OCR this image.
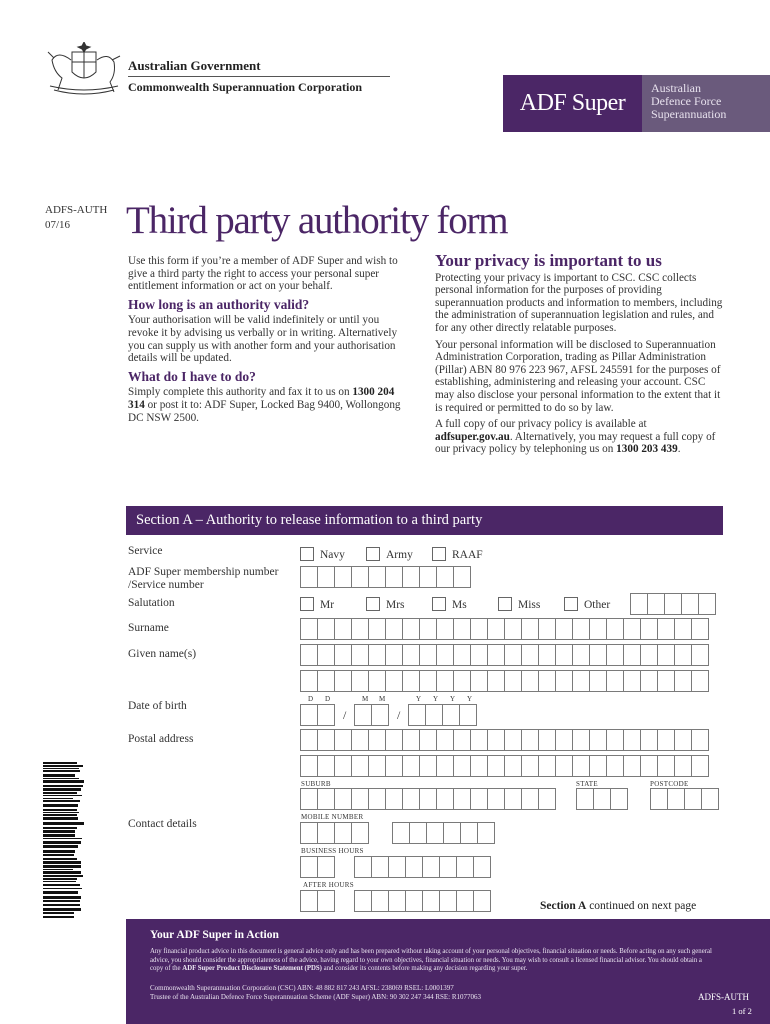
Australian Government
Commonwealth Superannuation Corporation
ADF Super
Australian
Defence Force
Superannuation
ADFS-AUTH
07/16	Third party authority form

Use this form if you’re a member of ADF Super and wish to give a third party the right to access your personal super entitlement information or act on your behalf.

How long is an authority valid?

Your authorisation will be valid indefinitely or until you revoke it by advising us verbally or in writing. Alternatively you can supply us with another form and your authorisation details will be updated.

What do I have to do?

Simply complete this authority and fax it to us on 1300 204 314 or post it to: ADF Super, Locked Bag 9400, Wollongong DC NSW 2500.

Your privacy is important to us

Protecting your privacy is important to CSC. CSC collects personal information for the purposes of providing superannuation products and information to members, including the administration of superannuation legislation and rules, and for any other directly relatable purposes.

Your personal information will be disclosed to Superannuation Administration Corporation, trading as Pillar Administration (Pillar) ABN 80 976 223 967, AFSL 245591 for the purposes of establishing, administering and releasing your account. CSC may also disclose your personal information to the extent that it is required or permitted to do so by law.

A full copy of our privacy policy is available at adfsuper.gov.au. Alternatively, you may request a full copy of our privacy policy by telephoning us on 1300 203 439.

Section A – Authority to release information to a third party
Service	Navy	Army	RAAF
ADF Super membership number
/Service number
Salutation	Mr	Mrs	Ms	Miss	Other
Surname
Given name(s)
Date of birth
D D	M M	Y Y Y Y
/	/
Postal address
SUBURB	STATE	POSTCODE
Contact details
MOBILE NUMBER
BUSINESS HOURS
AFTER HOURS
Section A continued on next page
Your ADF Super in Action
Any financial product advice in this document is general advice only and has been prepared without taking account of your personal objectives, financial situation or needs. Before acting on any such general advice, you should consider the appropriateness of the advice, having regard to your own objectives, financial situation or needs. You may wish to consult a licensed financial advisor. You should obtain a copy of the ADF Super Product Disclosure Statement (PDS) and consider its contents before making any decision regarding your super.
Commonwealth Superannuation Corporation (CSC) ABN: 48 882 817 243 AFSL: 238069 RSEL: L0001397
Trustee of the Australian Defence Force Superannuation Scheme (ADF Super) ABN: 90 302 247 344 RSE: R1077063	ADFS-AUTH
1 of 2
